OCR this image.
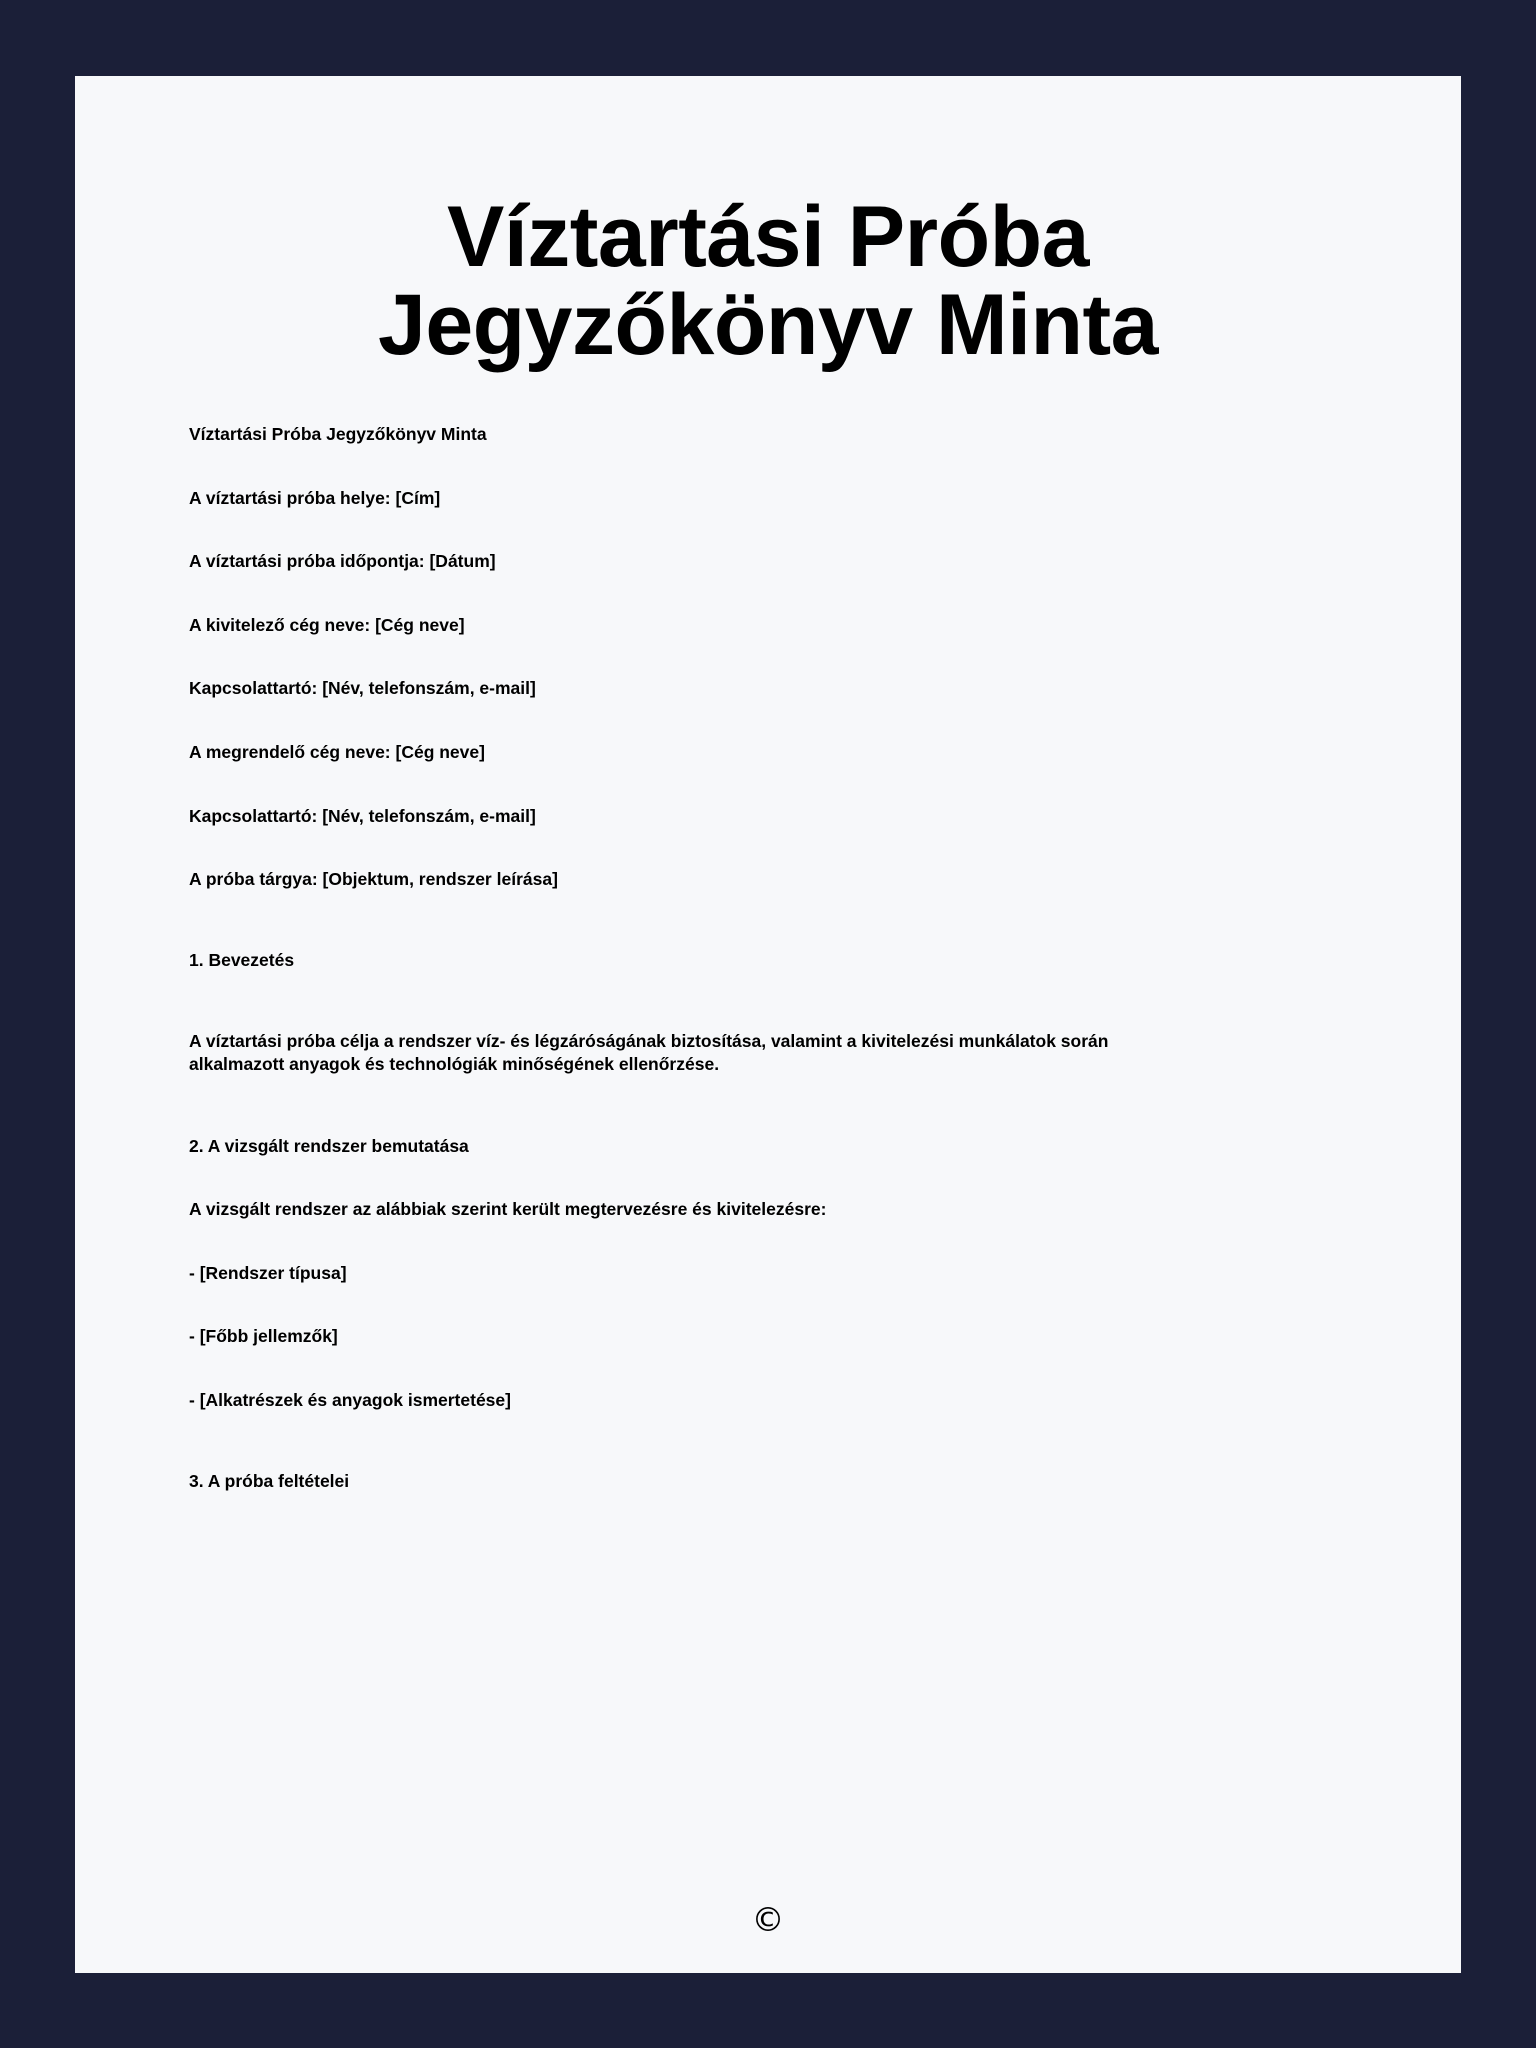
Víztartási Próba
Jegyzőkönyv Minta

Víztartási Próba Jegyzőkönyv Minta

A víztartási próba helye: [Cím]

A víztartási próba időpontja: [Dátum]

A kivitelező cég neve: [Cég neve]

Kapcsolattartó: [Név, telefonszám, e-mail]

A megrendelő cég neve: [Cég neve]

Kapcsolattartó: [Név, telefonszám, e-mail]

A próba tárgya: [Objektum, rendszer leírása]

1. Bevezetés

A víztartási próba célja a rendszer víz- és légzáróságának biztosítása, valamint a kivitelezési munkálatok során alkalmazott anyagok és technológiák minőségének ellenőrzése.

2. A vizsgált rendszer bemutatása

A vizsgált rendszer az alábbiak szerint került megtervezésre és kivitelezésre:

- [Rendszer típusa]

- [Főbb jellemzők]

- [Alkatrészek és anyagok ismertetése]

3. A próba feltételei

©
